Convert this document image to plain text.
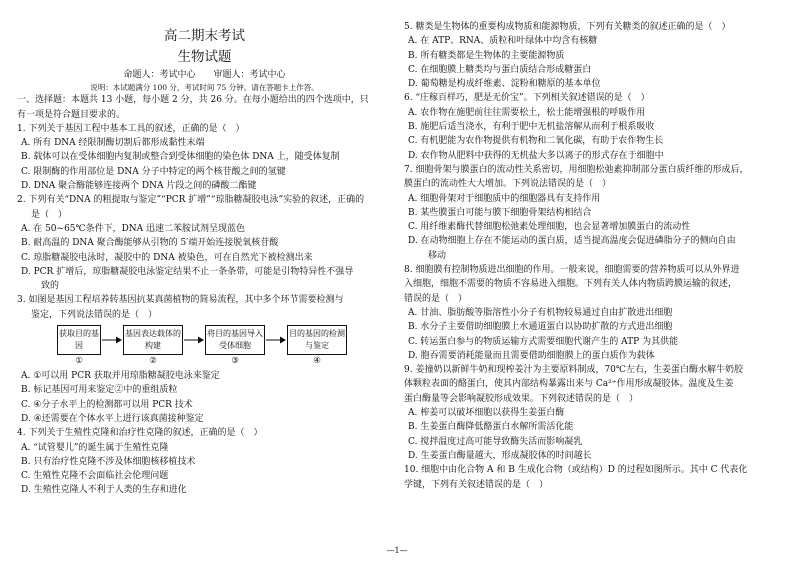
高二期末考试
生物试题
命题人：考试中心　　审题人：考试中心
说明：本试题满分 100 分，考试时间 75 分钟。请在答题卡上作答。
一、选择题：本题共 13 小题，每小题 2 分，共 26 分。在每小题给出的四个选项中，只
有一项是符合题目要求的。
1. 下列关于基因工程中基本工具的叙述，正确的是（　）
A. 所有 DNA 经限制酶切割后都形成黏性末端
B. 载体可以在受体细胞内复制或整合到受体细胞的染色体 DNA 上，随受体复制
C. 限制酶的作用部位是 DNA 分子中特定的两个核苷酸之间的氢键
D. DNA 聚合酶能够连接两个 DNA 片段之间的磷酸二酯键
2. 下列有关“DNA 的粗提取与鉴定”“PCR 扩增”“琼脂糖凝胶电泳”实验的叙述，正确的
是（　）
A. 在 50~65℃条件下，DNA 迅速二苯胺试剂呈现蓝色
B. 耐高温的 DNA 聚合酶能够从引物的 5′端开始连接脱氧核苷酸
C. 琼脂糖凝胶电泳时，凝胶中的 DNA 被染色，可在自然光下被检测出来
D. PCR 扩增后，琼脂糖凝胶电泳鉴定结果不止一条条带，可能是引物特异性不强导
致的
3. 如图是基因工程培养转基因抗某真菌植物的简易流程，其中多个环节需要检测与
鉴定，下列说法错误的是（　）
获取目的基因
①
基因表达载体的构建
②
将目的基因导入受体细胞
③
目的基因的检测与鉴定
④
A. ①可以用 PCR 获取并用琼脂糖凝胶电泳来鉴定
B. 标记基因可用来鉴定②中的重组质粒
C. ④分子水平上的检测都可以用 PCR 技术
D. ④还需要在个体水平上进行该真菌接种鉴定
4. 下列关于生殖性克隆和治疗性克隆的叙述，正确的是（　）
A. “试管婴儿”的诞生属于生殖性克隆
B. 只有治疗性克隆不涉及体细胞核移植技术
C. 生殖性克隆不会面临社会伦理问题
D. 生殖性克隆人不利于人类的生存和进化
5. 糖类是生物体的重要构成物质和能源物质，下列有关糖类的叙述正确的是（　）
A. 在 ATP、RNA、质粒和叶绿体中均含有核糖
B. 所有糖类都是生物体的主要能源物质
C. 在细胞膜上糖类均与蛋白质结合形成糖蛋白
D. 葡萄糖是构成纤维素、淀粉和糖原的基本单位
6. “庄稼百样巧，肥是无价宝”。下列相关叙述错误的是（　）
A. 农作物在施肥前往往需要松土，松土能增强根的呼吸作用
B. 施肥后适当浇水，有利于肥中无机盐溶解从而利于根系吸收
C. 有机肥能为农作物提供有机物和二氧化碳，有助于农作物生长
D. 农作物从肥料中获得的无机盐大多以离子的形式存在于细胞中
7. 细胞骨架与膜蛋白的流动性关系密切，用细胞松弛素抑制部分蛋白质纤维的形成后，
膜蛋白的流动性大大增加。下列说法错误的是（　）
A. 细胞骨架对于细胞质中的细胞器具有支持作用
B. 某些膜蛋白可能与膜下细胞骨架结构相结合
C. 用纤维素酶代替细胞松弛素处理细胞，也会显著增加膜蛋白的流动性
D. 在动物细胞上存在不能运动的蛋白质，适当提高温度会促进磷脂分子的侧向自由
移动
8. 细胞膜有控制物质进出细胞的作用。一般来说，细胞需要的营养物质可以从外界进
入细胞，细胞不需要的物质不容易进入细胞。下列有关人体内物质跨膜运输的叙述，
错误的是（　）
A. 甘油、脂肪酸等脂溶性小分子有机物较易通过自由扩散进出细胞
B. 水分子主要借助细胞膜上水通道蛋白以协助扩散的方式进出细胞
C. 转运蛋白参与的物质运输方式需要细胞代谢产生的 ATP 为其供能
D. 胞吞需要消耗能量而且需要借助细胞膜上的蛋白质作为载体
9. 姜撞奶以新鲜牛奶和现榨姜汁为主要原料制成，70℃左右，生姜蛋白酶水解牛奶胶
体颗粒表面的酪蛋白，使其内部结构暴露出来与 Ca²⁺作用形成凝胶体。温度及生姜
蛋白酶量等会影响凝胶形成效果。下列叙述错误的是（　）
A. 榨姜可以破坏细胞以获得生姜蛋白酶
B. 生姜蛋白酶降低酪蛋白水解所需活化能
C. 搅拌温度过高可能导致酶失活而影响凝乳
D. 生姜蛋白酶量越大，形成凝胶体的时间越长
10. 细胞中由化合物 A 和 B 生成化合物（或结构）D 的过程如图所示。其中 C 代表化
学键，下列有关叙述错误的是（　）
—1—
